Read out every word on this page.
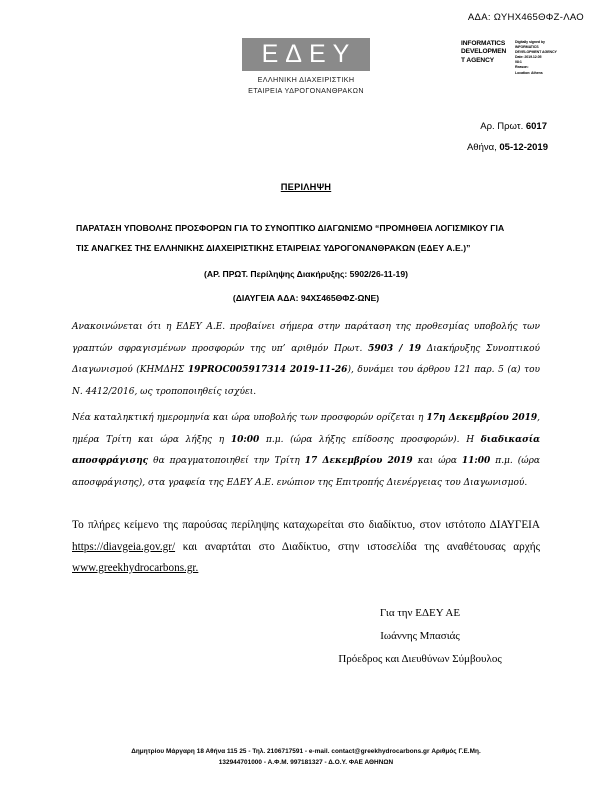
ΑΔΑ: ΩΥΗΧ465ΘΦΖ-ΛΑΟ
ΕΔΕΥ
ΕΛΛΗΝΙΚΗ ΔΙΑΧΕΙΡΙΣΤΙΚΗ
ΕΤΑΙΡΕΙΑ ΥΔΡΟΓΟΝΑΝΘΡΑΚΩΝ
INFORMATICS
DEVELOPMEN
T AGENCY
Digitally signed by
INFORMATICS
DEVELOPMENT AGENCY
Date: 2019.12.05
08:1
Reason:
Location: Athens
Αρ. Πρωτ. 6017
Αθήνα, 05-12-2019
ΠΕΡΙΛΗΨΗ
ΠΑΡΑΤΑΣΗ ΥΠΟΒΟΛΗΣ ΠΡΟΣΦΟΡΩΝ ΓΙΑ ΤΟ ΣΥΝΟΠΤΙΚΟ ΔΙΑΓΩΝΙΣΜΟ “ΠΡΟΜΗΘΕΙΑ ΛΟΓΙΣΜΙΚΟΥ ΓΙΑ
ΤΙΣ ΑΝΑΓΚΕΣ ΤΗΣ ΕΛΛΗΝΙΚΗΣ ΔΙΑΧΕΙΡΙΣΤΙΚΗΣ ΕΤΑΙΡΕΙΑΣ ΥΔΡΟΓΟΝΑΝΘΡΑΚΩΝ (ΕΔΕΥ Α.Ε.)”
(ΑΡ. ΠΡΩΤ. Περίληψης Διακήρυξης: 5902/26-11-19)
(ΔΙΑΥΓΕΙΑ ΑΔΑ: 94ΧΣ465ΘΦΖ-ΩΝΕ)
Ανακοινώνεται ότι η ΕΔΕΥ Α.Ε. προβαίνει σήμερα στην παράταση της προθεσμίας υποβολής των γραπτών σφραγισμένων προσφορών της υπ’ αριθμόν Πρωτ. 5903 / 19 Διακήρυξης Συνοπτικού Διαγωνισμού (ΚΗΜΔΗΣ 19PROC005917314 2019-11-26), δυνάμει του άρθρου 121 παρ. 5 (α) του Ν. 4412/2016, ως τροποποιηθείς ισχύει.
Νέα καταληκτική ημερομηνία και ώρα υποβολής των προσφορών ορίζεται η 17η Δεκεμβρίου 2019, ημέρα Τρίτη και ώρα λήξης η 10:00 π.μ. (ώρα λήξης επίδοσης προσφορών). Η διαδικασία αποσφράγισης θα πραγματοποιηθεί την Τρίτη 17 Δεκεμβρίου 2019 και ώρα 11:00 π.μ. (ώρα αποσφράγισης), στα γραφεία της ΕΔΕΥ Α.Ε. ενώπιον της Επιτροπής Διενέργειας του Διαγωνισμού.
Το πλήρες κείμενο της παρούσας περίληψης καταχωρείται στο διαδίκτυο, στον ιστότοπο ΔΙΑΥΓΕΙΑ https://diavgeia.gov.gr/ και αναρτάται στο Διαδίκτυο, στην ιστοσελίδα της αναθέτουσας αρχής www.greekhydrocarbons.gr.
Για την ΕΔΕΥ ΑΕ
Ιωάννης Μπασιάς
Πρόεδρος και Διευθύνων Σύμβουλος
Δημητρίου Μάργαρη 18 Αθήνα 115 25 - Τηλ. 2106717591 - e-mail. contact@greekhydrocarbons.gr Αριθμός Γ.Ε.Μη.
132944701000 - Α.Φ.Μ. 997181327 - Δ.Ο.Υ. ΦΑΕ ΑΘΗΝΩΝ
